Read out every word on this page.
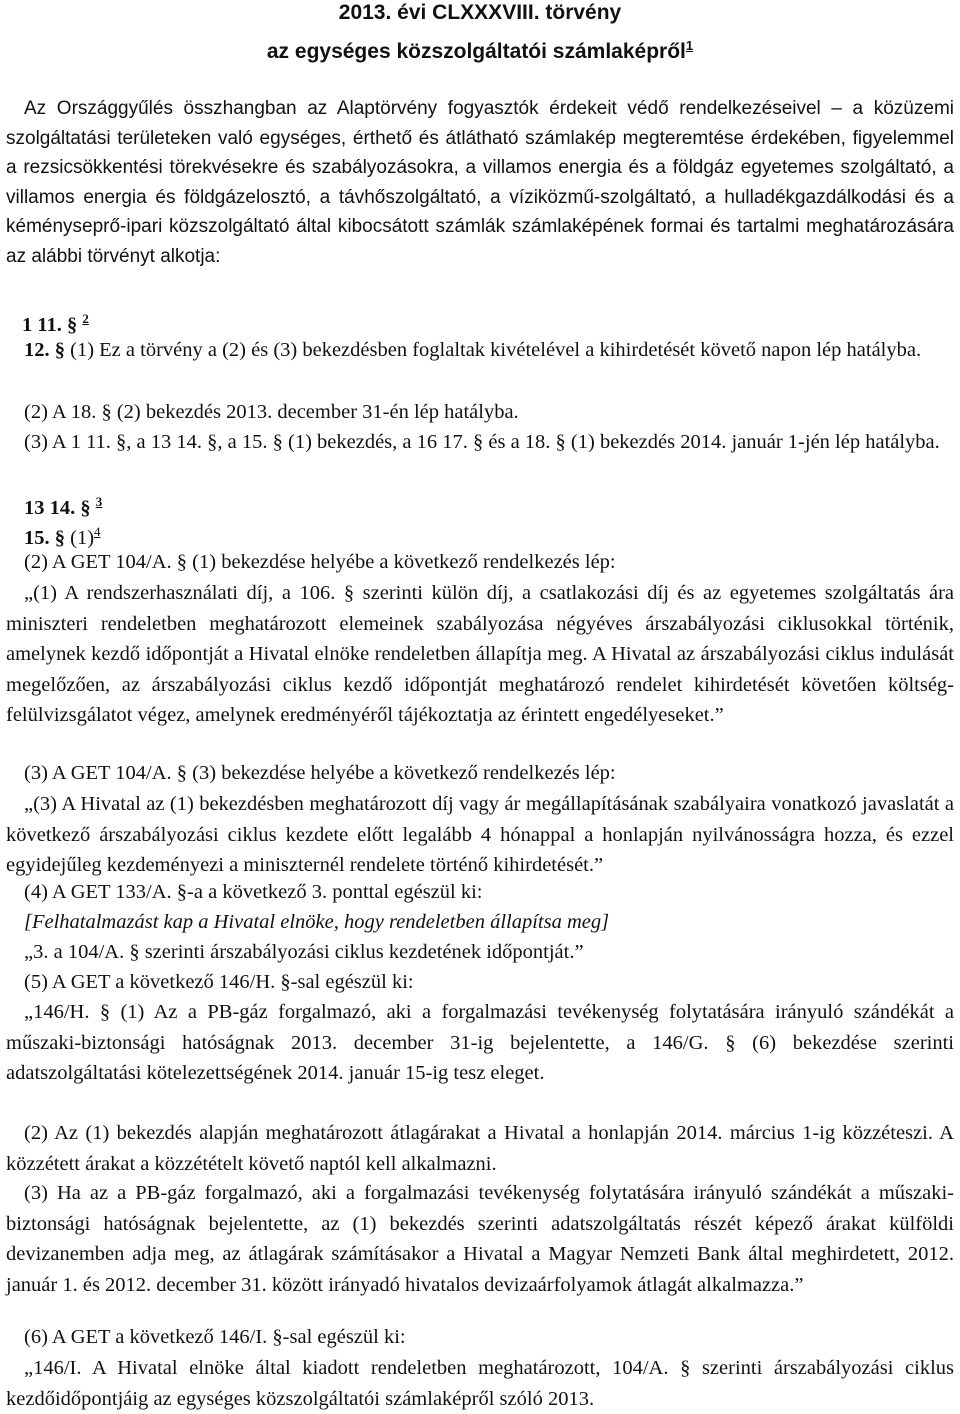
2013. évi CLXXXVIII. törvény
az egységes közszolgáltatói számlaképről$^1$
Az Országgyűlés összhangban az Alaptörvény fogyasztók érdekeit védő rendelkezéseivel – a közüzemi szolgáltatási területeken való egységes, érthető és átlátható számlakép megteremtése érdekében, figyelemmel a rezsicsökkentési törekvésekre és szabályozásokra, a villamos energia és a földgáz egyetemes szolgáltató, a villamos energia és földgázelosztó, a távhőszolgáltató, a víziközmű-szolgáltató, a hulladékgazdálkodási és a kéményseprő-ipari közszolgáltató által kibocsátott számlák számlaképének formai és tartalmi meghatározására az alábbi törvényt alkotja:
1 11. § $^2$
12. § (1) Ez a törvény a (2) és (3) bekezdésben foglaltak kivételével a kihirdetését követő napon lép hatályba.
(2) A 18. § (2) bekezdés 2013. december 31-én lép hatályba.
(3) A 1 11. §, a 13 14. §, a 15. § (1) bekezdés, a 16 17. § és a 18. § (1) bekezdés 2014. január 1-jén lép hatályba.
13 14. § $^3$
15. § (1)$^4$
(2) A GET 104/A. § (1) bekezdése helyébe a következő rendelkezés lép:
„(1) A rendszerhasználati díj, a 106. § szerinti külön díj, a csatlakozási díj és az egyetemes szolgáltatás ára miniszteri rendeletben meghatározott elemeinek szabályozása négyéves árszabályozási ciklusokkal történik, amelynek kezdő időpontját a Hivatal elnöke rendeletben állapítja meg. A Hivatal az árszabályozási ciklus indulását megelőzően, az árszabályozási ciklus kezdő időpontját meghatározó rendelet kihirdetését követően költség-felülvizsgálatot végez, amelynek eredményéről tájékoztatja az érintett engedélyeseket.”
(3) A GET 104/A. § (3) bekezdése helyébe a következő rendelkezés lép:
„(3) A Hivatal az (1) bekezdésben meghatározott díj vagy ár megállapításának szabályaira vonatkozó javaslatát a következő árszabályozási ciklus kezdete előtt legalább 4 hónappal a honlapján nyilvánosságra hozza, és ezzel egyidejűleg kezdeményezi a miniszternél rendelete történő kihirdetését.”
(4) A GET 133/A. §-a a következő 3. ponttal egészül ki:
[Felhatalmazást kap a Hivatal elnöke, hogy rendeletben állapítsa meg]
„3. a 104/A. § szerinti árszabályozási ciklus kezdetének időpontját.”
(5) A GET a következő 146/H. §-sal egészül ki:
„146/H. § (1) Az a PB-gáz forgalmazó, aki a forgalmazási tevékenység folytatására irányuló szándékát a műszaki-biztonsági hatóságnak 2013. december 31-ig bejelentette, a 146/G. § (6) bekezdése szerinti adatszolgáltatási kötelezettségének 2014. január 15-ig tesz eleget.
(2) Az (1) bekezdés alapján meghatározott átlagárakat a Hivatal a honlapján 2014. március 1-ig közzéteszi. A közzétett árakat a közzétételt követő naptól kell alkalmazni.
(3) Ha az a PB-gáz forgalmazó, aki a forgalmazási tevékenység folytatására irányuló szándékát a műszaki-biztonsági hatóságnak bejelentette, az (1) bekezdés szerinti adatszolgáltatás részét képező árakat külföldi devizanemben adja meg, az átlagárak számításakor a Hivatal a Magyar Nemzeti Bank által meghirdetett, 2012. január 1. és 2012. december 31. között irányadó hivatalos devizaárfolyamok átlagát alkalmazza.”
(6) A GET a következő 146/I. §-sal egészül ki:
„146/I. A Hivatal elnöke által kiadott rendeletben meghatározott, 104/A. § szerinti árszabályozási ciklus kezdőidőpontjáig az egységes közszolgáltatói számlaképről szóló 2013.
